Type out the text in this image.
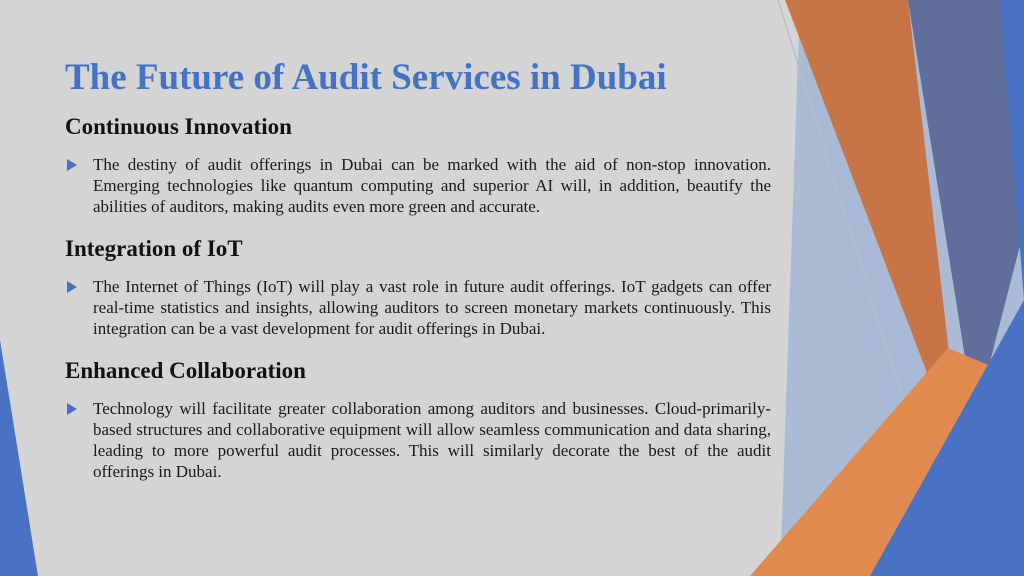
The Future of Audit Services in Dubai
Continuous Innovation
The destiny of audit offerings in Dubai can be marked with the aid of non-stop innovation. Emerging technologies like quantum computing and superior AI will, in addition, beautify the abilities of auditors, making audits even more green and accurate.
Integration of IoT
The Internet of Things (IoT) will play a vast role in future audit offerings. IoT gadgets can offer real-time statistics and insights, allowing auditors to screen monetary markets continuously. This integration can be a vast development for audit offerings in Dubai.
Enhanced Collaboration
Technology will facilitate greater collaboration among auditors and businesses. Cloud-primarily-based structures and collaborative equipment will allow seamless communication and data sharing, leading to more powerful audit processes. This will similarly decorate the best of the audit offerings in Dubai.
